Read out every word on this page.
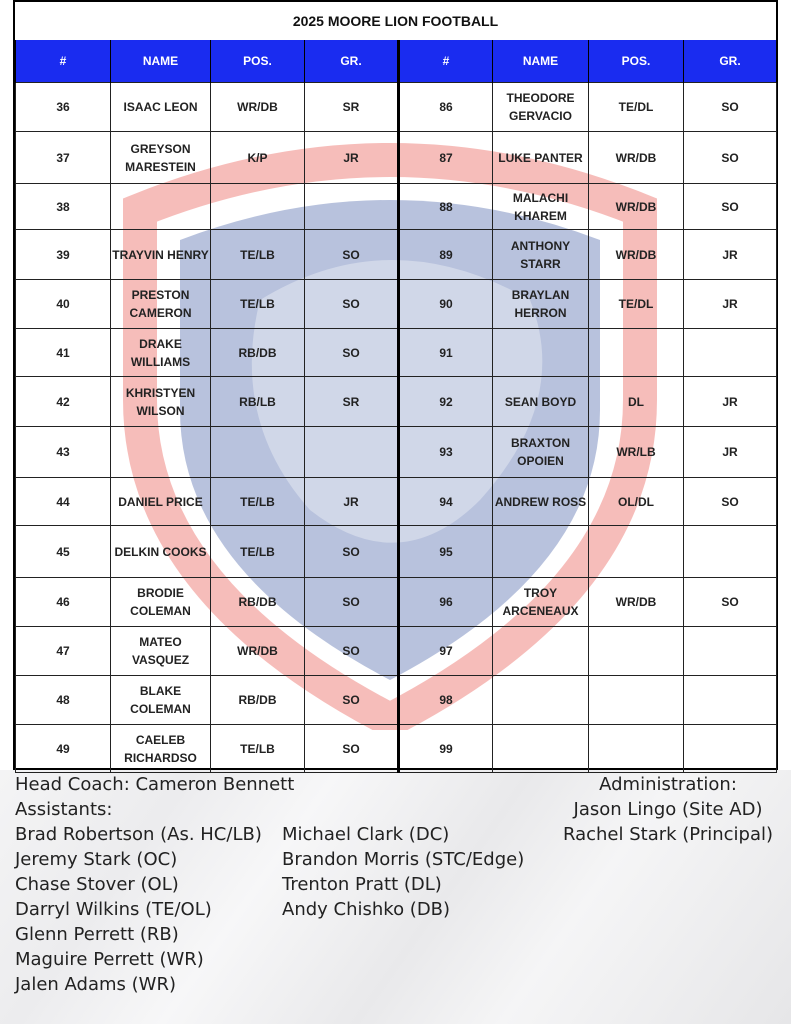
2025 MOORE LION FOOTBALL
#	NAME	POS.	GR.	#	NAME	POS.	GR.
36	ISAAC LEON	WR/DB	SR	86	THEODORE GERVACIO	TE/DL	SO
37	GREYSON MARESTEIN	K/P	JR	87	LUKE PANTER	WR/DB	SO
38				88	MALACHI KHAREM	WR/DB	SO
39	TRAYVIN HENRY	TE/LB	SO	89	ANTHONY STARR	WR/DB	JR
40	PRESTON CAMERON	TE/LB	SO	90	BRAYLAN HERRON	TE/DL	JR
41	DRAKE WILLIAMS	RB/DB	SO	91			
42	KHRISTYEN WILSON	RB/LB	SR	92	SEAN BOYD	DL	JR
43				93	BRAXTON OPOIEN	WR/LB	JR
44	DANIEL PRICE	TE/LB	JR	94	ANDREW ROSS	OL/DL	SO
45	DELKIN COOKS	TE/LB	SO	95			
46	BRODIE COLEMAN	RB/DB	SO	96	TROY ARCENEAUX	WR/DB	SO
47	MATEO VASQUEZ	WR/DB	SO	97			
48	BLAKE COLEMAN	RB/DB	SO	98			
49	CAELEB RICHARDSO	TE/LB	SO	99			
Head Coach: Cameron Bennett
Assistants:
Brad Robertson (As. HC/LB)
Jeremy Stark (OC)
Chase Stover (OL)
Darryl Wilkins (TE/OL)
Glenn Perrett (RB)
Maguire Perrett (WR)
Jalen Adams (WR)
Michael Clark (DC)
Brandon Morris (STC/Edge)
Trenton Pratt (DL)
Andy Chishko (DB)
Administration:
Jason Lingo (Site AD)
Rachel Stark (Principal)
